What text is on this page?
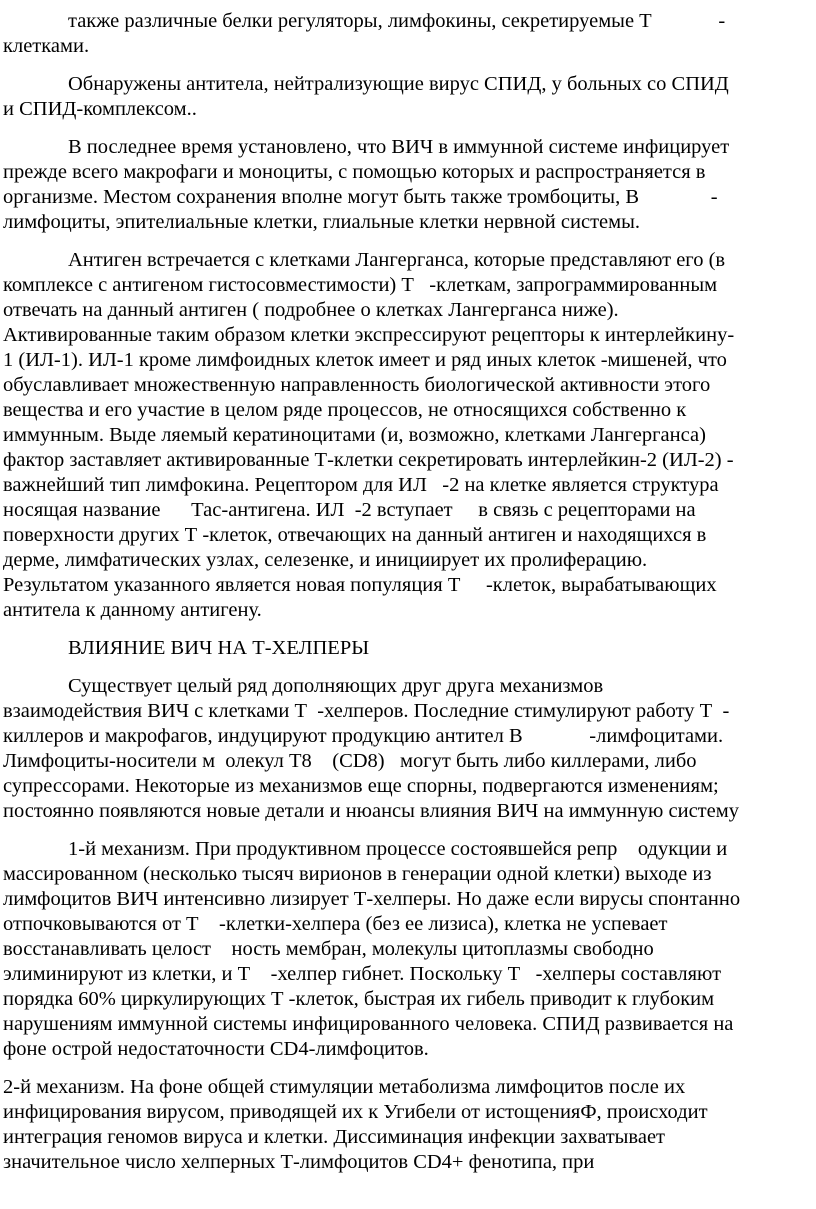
также различные белки регуляторы, лимфокины, секретируемые Т             -
клетками.
Обнаружены антитела, нейтрализующие вирус СПИД, у больных со СПИД
и СПИД-комплексом..
В последнее время установлено, что ВИЧ в иммунной системе инфицирует
прежде всего макрофаги и моноциты, с помощью которых и распространяется в
организме. Местом сохранения вполне могут быть также тромбоциты, В              -
лимфоциты, эпителиальные клетки, глиальные клетки нервной системы.
Антиген встречается с клетками Лангерганса, которые представляют его (в
комплексе с антигеном гистосовместимости) Т   -клеткам, запрограммированным
отвечать на данный антиген ( подробнее о клетках Лангерганса ниже).
Активированные таким образом клетки экспрессируют рецепторы к интерлейкину-
1 (ИЛ-1). ИЛ-1 кроме лимфоидных клеток имеет и ряд иных клеток -мишеней, что
обуславливает множественную направленность биологической активности этого
вещества и его участие в целом ряде процессов, не относящихся собственно к
иммунным. Выде ляемый кератиноцитами (и, возможно, клетками Лангерганса)
фактор заставляет активированные Т-клетки секретировать интерлейкин-2 (ИЛ-2) -
важнейший тип лимфокина. Рецептором для ИЛ   -2 на клетке является структура
носящая название      Тас-антигена. ИЛ  -2 вступает     в связь с рецепторами на
поверхности других Т -клеток, отвечающих на данный антиген и находящихся в
дерме, лимфатических узлах, селезенке, и инициирует их пролиферацию.
Результатом указанного является новая популяция Т     -клеток, вырабатывающих
антитела к данному антигену.
ВЛИЯНИЕ ВИЧ НА Т-ХЕЛПЕРЫ
Существует целый ряд дополняющих друг друга механизмов
взаимодействия ВИЧ с клетками Т  -хелперов. Последние стимулируют работу Т  -
киллеров и макрофагов, индуцируют продукцию антител В             -лимфоцитами.
Лимфоциты-носители м  олекул Т8    (CD8)   могут быть либо киллерами, либо
супрессорами. Некоторые из механизмов еще спорны, подвергаются изменениям;
постоянно появляются новые детали и нюансы влияния ВИЧ на иммунную систему
1-й механизм. При продуктивном процессе состоявшейся репр    одукции и
массированном (несколько тысяч вирионов в генерации одной клетки) выходе из
лимфоцитов ВИЧ интенсивно лизирует Т-хелперы. Но даже если вирусы спонтанно
отпочковываются от Т    -клетки-хелпера (без ее лизиса), клетка не успевает
восстанавливать целост    ность мембран, молекулы цитоплазмы свободно
элиминируют из клетки, и Т    -хелпер гибнет. Поскольку Т   -хелперы составляют
порядка 60% циркулирующих Т -клеток, быстрая их гибель приводит к глубоким
нарушениям иммунной системы инфицированного человека. СПИД развивается на
фоне острой недостаточности CD4-лимфоцитов.
2-й механизм. На фоне общей стимуляции метаболизма лимфоцитов после их
инфицирования вирусом, приводящей их к Угибели от истощенияФ, происходит
интеграция геномов вируса и клетки. Диссиминация инфекции захватывает
значительное число хелперных Т-лимфоцитов CD4+ фенотипа, при
